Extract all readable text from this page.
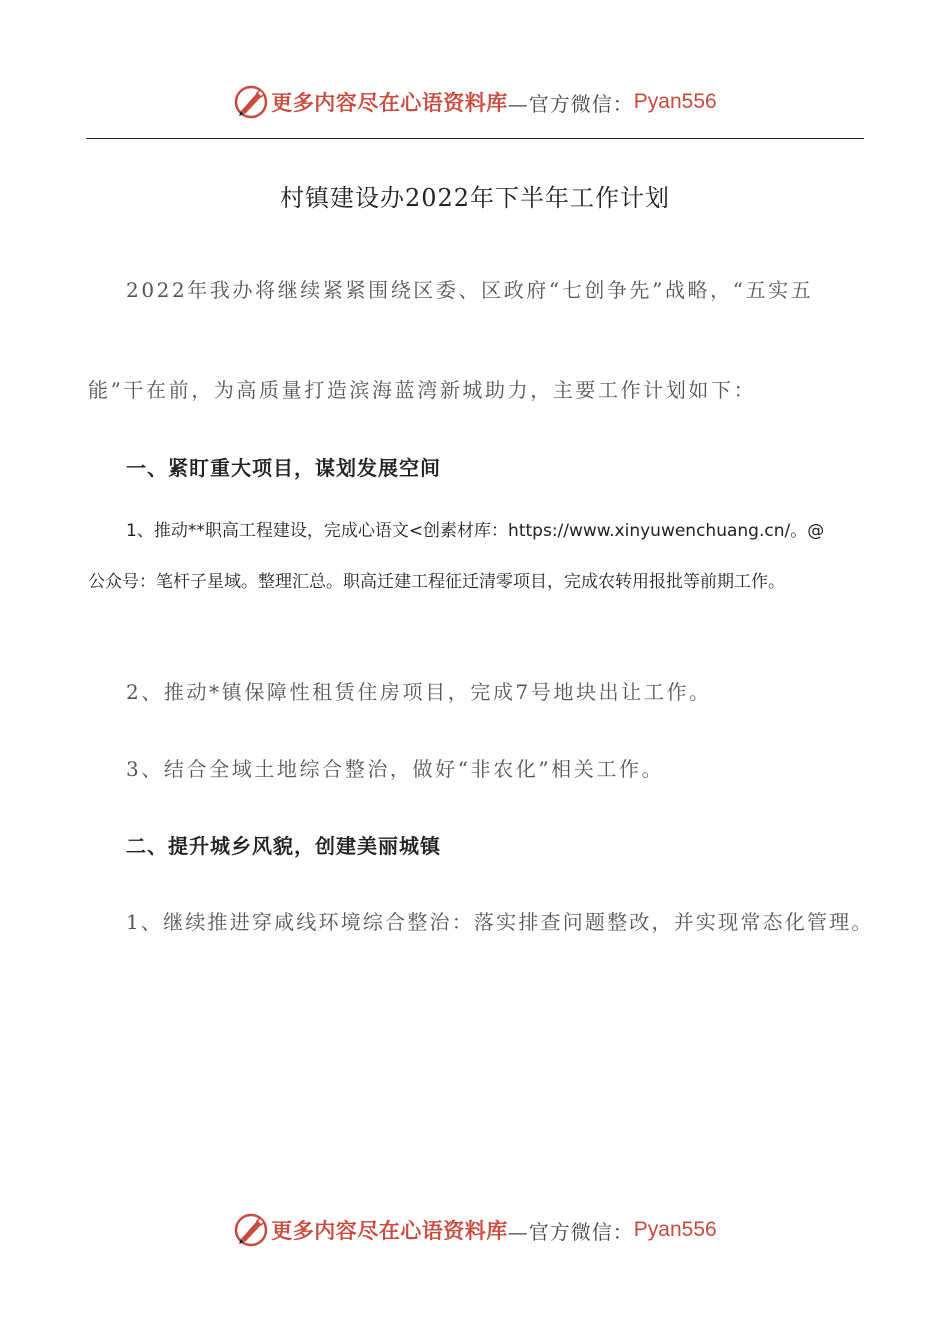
更多内容尽在心语资料库 —官方微信： Pyan556
村镇建设办2022年下半年工作计划
2022年我办将继续紧紧围绕区委、区政府“七创争先”战略，“五实五
能”干在前，为高质量打造滨海蓝湾新城助力，主要工作计划如下：
一、紧盯重大项目，谋划发展空间
1、推动**职高工程建设，完成心语文<创素材库：https://www.xinyuwenchuang.cn/。@
公众号：笔杆子星域。整理汇总。职高迁建工程征迁清零项目，完成农转用报批等前期工作。
2、推动*镇保障性租赁住房项目，完成7号地块出让工作。
3、结合全域土地综合整治，做好“非农化”相关工作。
二、提升城乡风貌，创建美丽城镇
1、继续推进穿咸线环境综合整治：落实排查问题整改，并实现常态化管理。
更多内容尽在心语资料库 —官方微信： Pyan556
